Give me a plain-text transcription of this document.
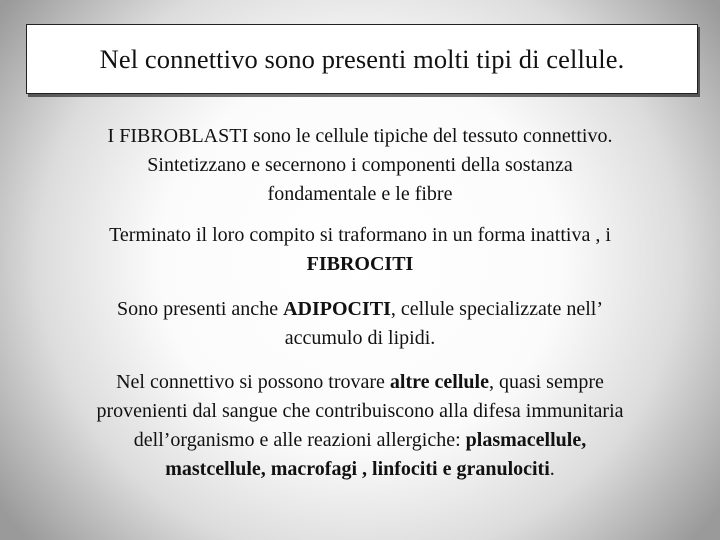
Nel connettivo sono presenti molti tipi di cellule.

I FIBROBLASTI sono le cellule tipiche del tessuto connettivo.
Sintetizzano e secernono i componenti della sostanza
fondamentale e le fibre

Terminato il loro compito si traformano in un forma inattiva , i
FIBROCITI

Sono presenti anche ADIPOCITI, cellule specializzate nell’
accumulo di lipidi.

Nel connettivo si possono trovare altre cellule, quasi sempre
provenienti dal sangue che contribuiscono alla difesa immunitaria
dell’organismo e alle reazioni allergiche: plasmacellule,
mastcellule, macrofagi , linfociti e granulociti.
